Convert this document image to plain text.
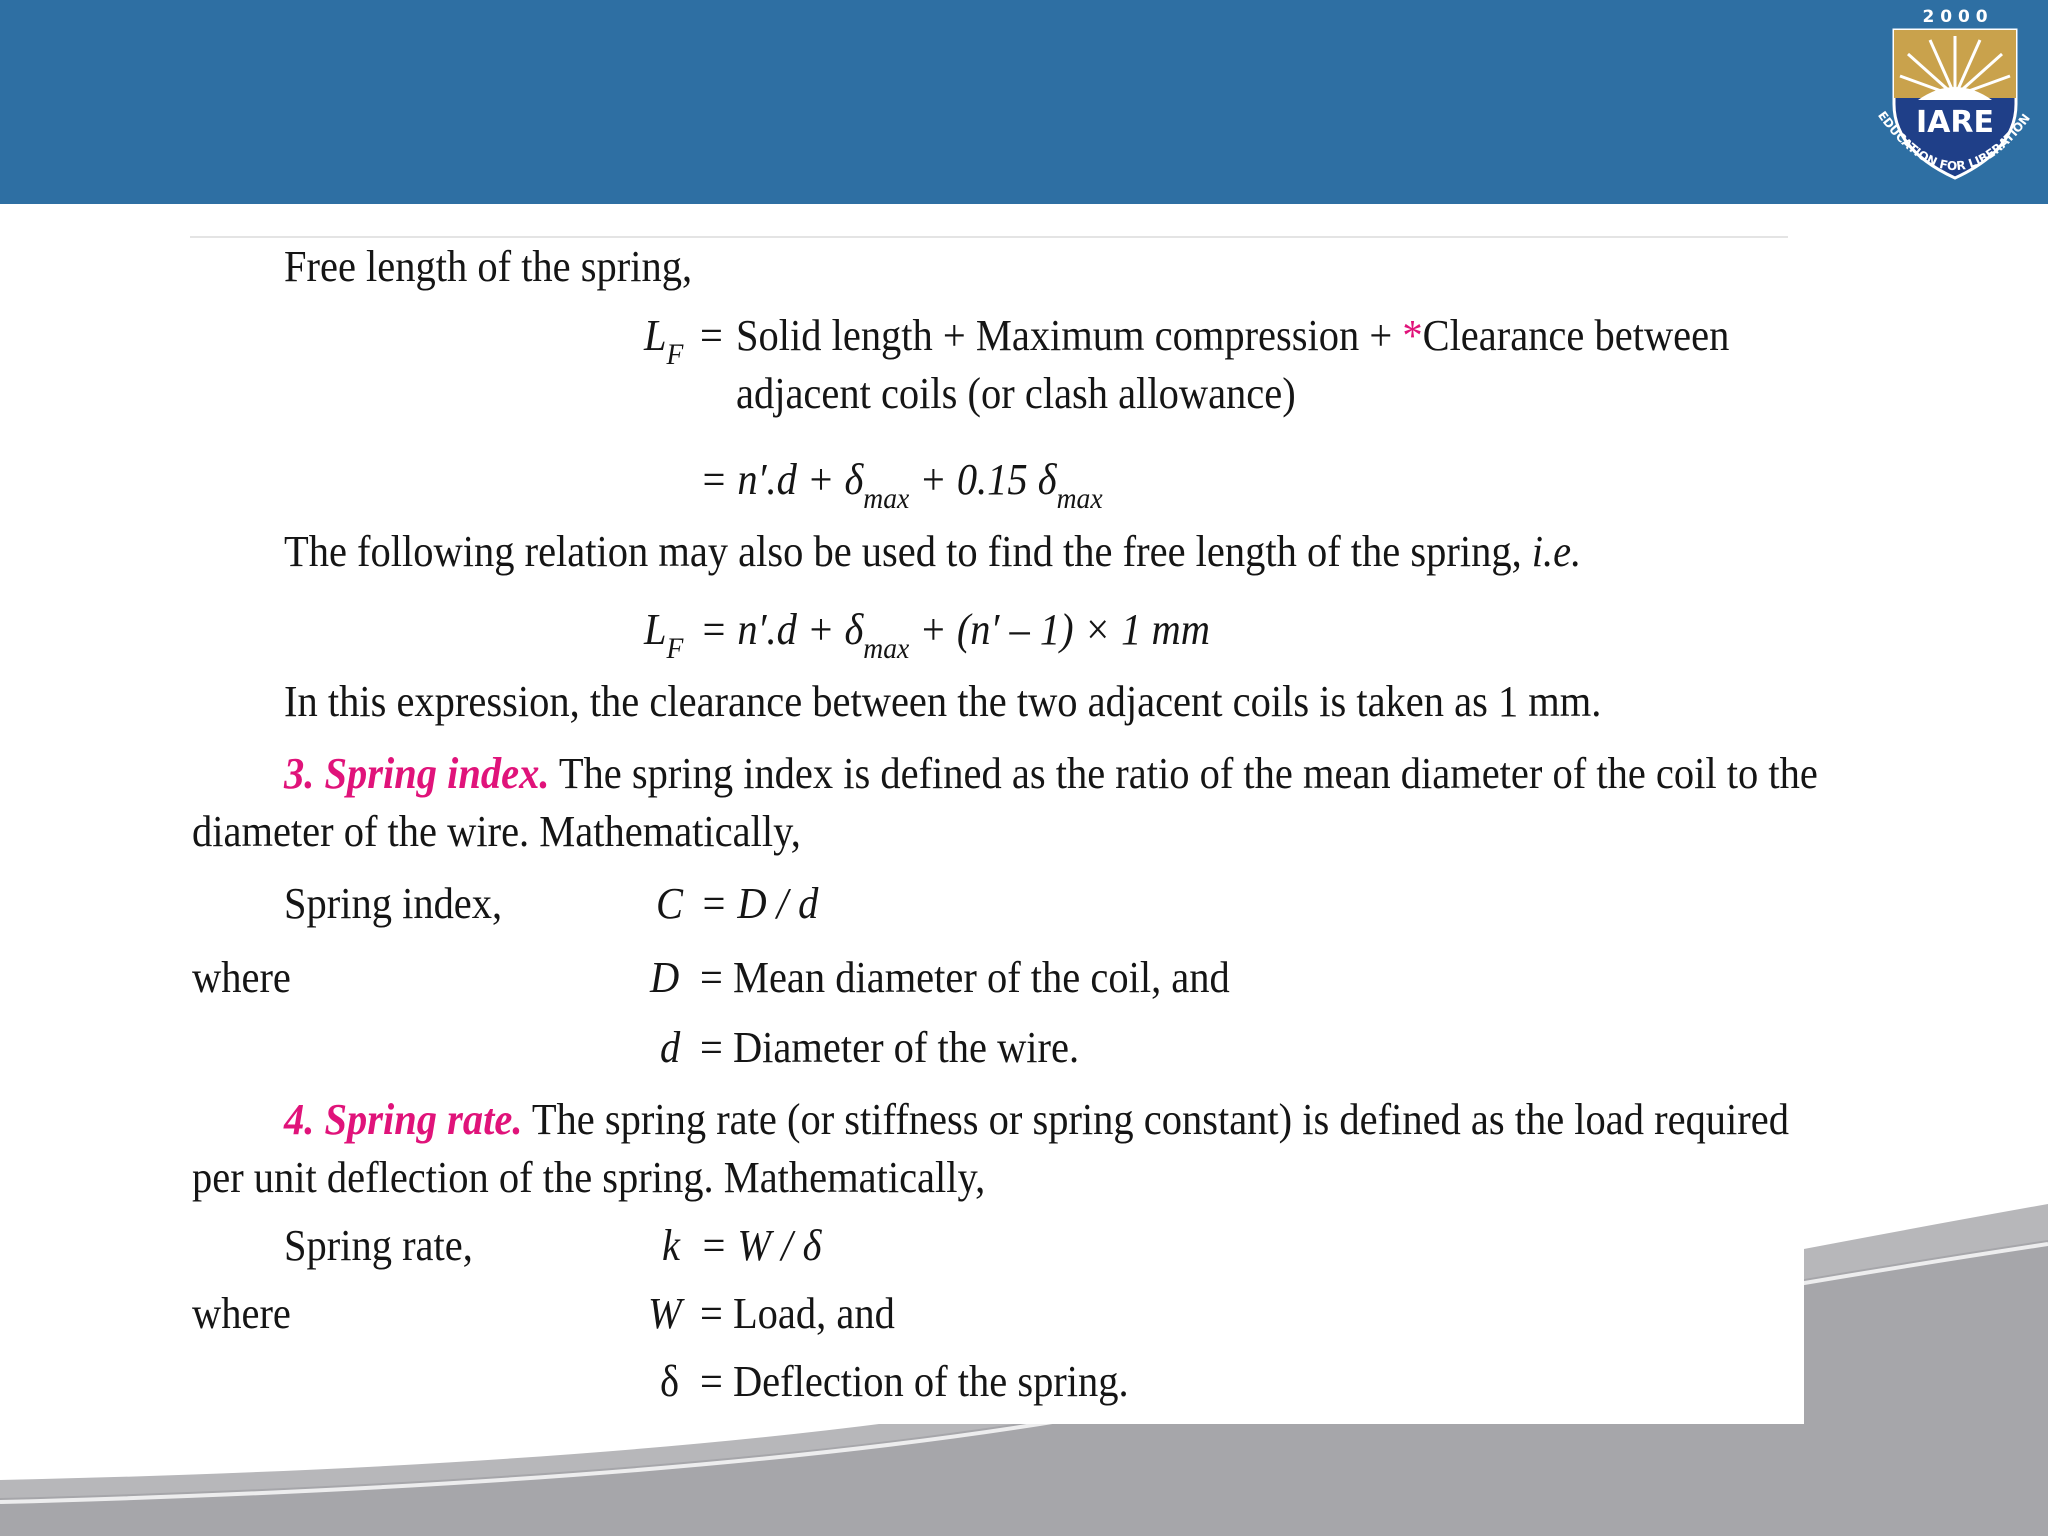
2 0 0 0
IARE
EDUCATION FOR LIBERATION
Free length of the spring,
$L_F$ = Solid length + Maximum compression + *Clearance between
adjacent coils (or clash allowance)
= $n'.d + \delta_{max} + 0.15$ $\delta_{max}$
The following relation may also be used to find the free length of the spring, i.e.
$L_F = n'.d + \delta_{max} + (n' - 1) \times 1$ mm
In this expression, the clearance between the two adjacent coils is taken as 1 mm.
3. Spring index. The spring index is defined as the ratio of the mean diameter of the coil to the
diameter of the wire. Mathematically,
Spring index,	C = D / d
where	D = Mean diameter of the coil, and
d = Diameter of the wire.
4. Spring rate. The spring rate (or stiffness or spring constant) is defined as the load required
per unit deflection of the spring. Mathematically,
Spring rate,	k = W / δ
where	W = Load, and
δ = Deflection of the spring.
